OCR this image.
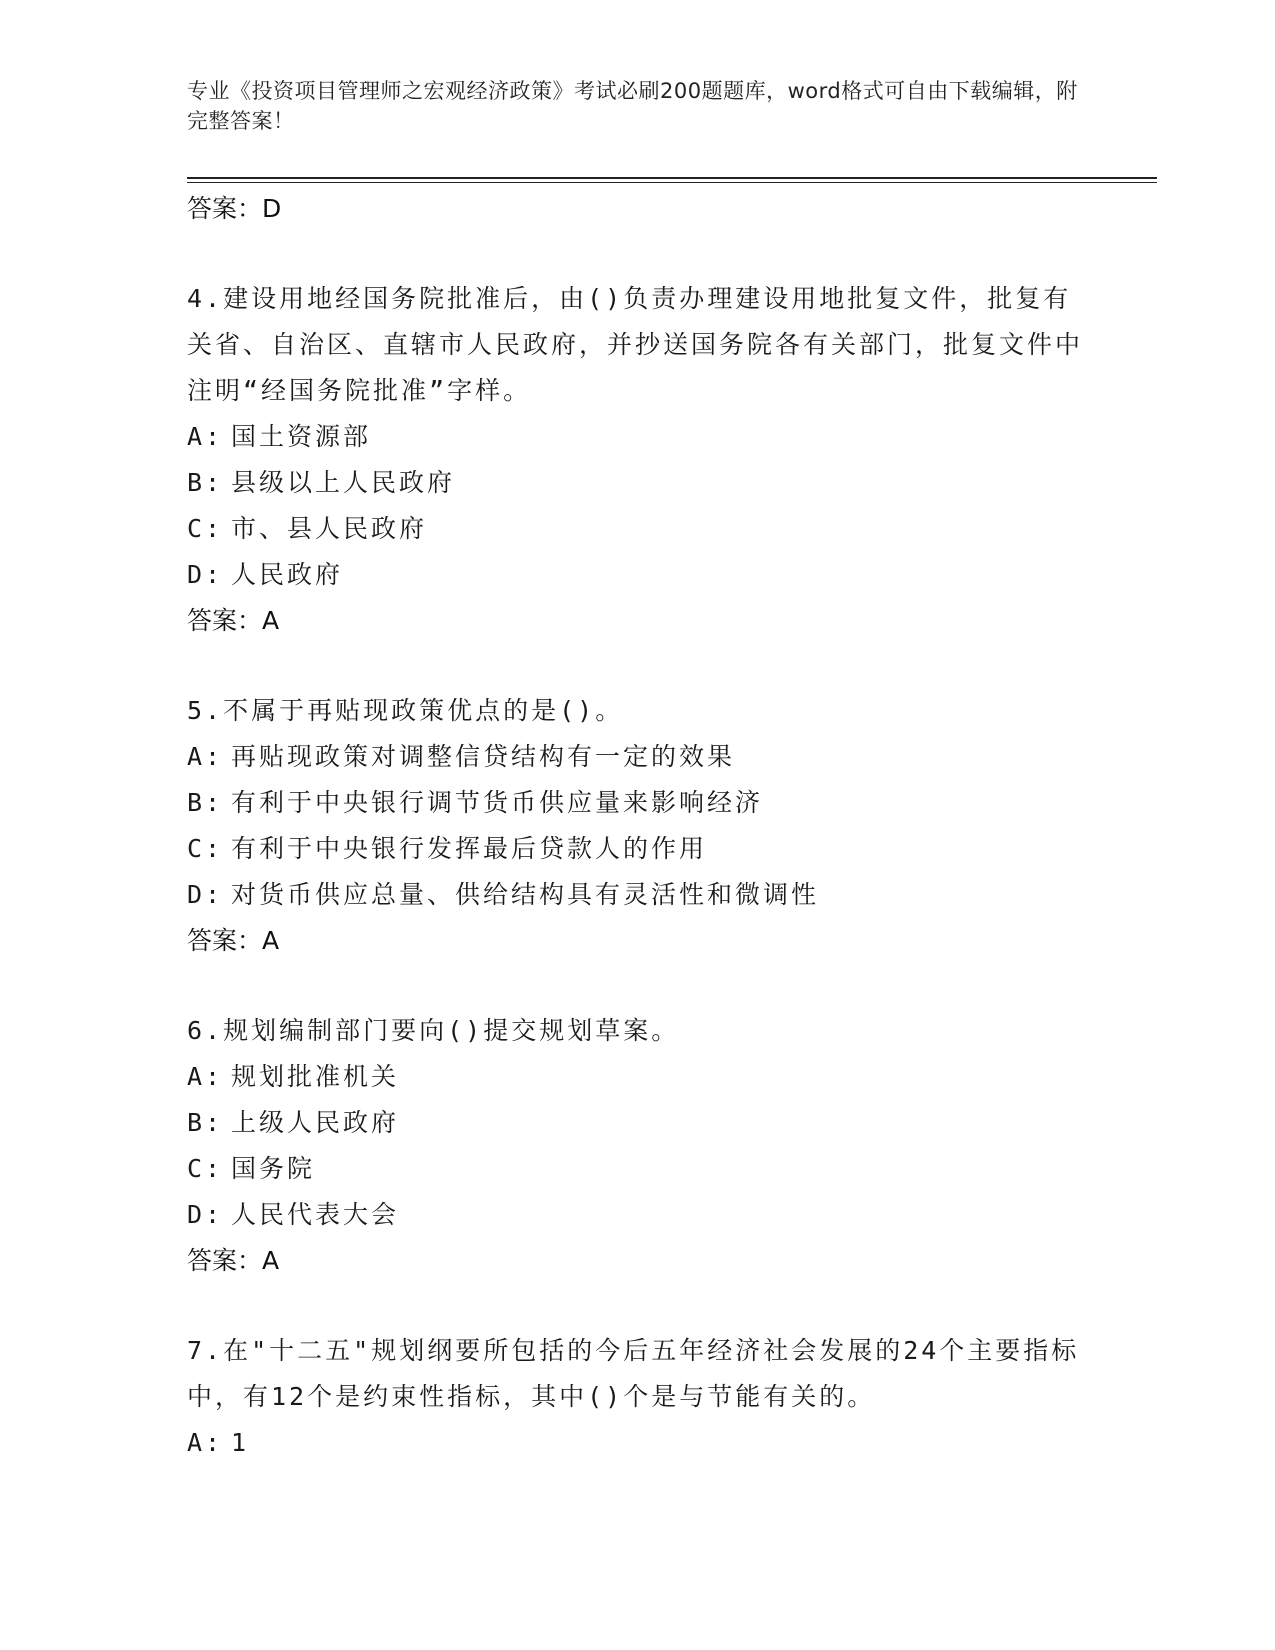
专业《投资项目管理师之宏观经济政策》考试必刷200题题库，word格式可自由下载编辑，附完整答案！
答案：D
4.建设用地经国务院批准后，由()负责办理建设用地批复文件，批复有关省、自治区、直辖市人民政府，并抄送国务院各有关部门，批复文件中注明“经国务院批准”字样。
A: 国土资源部
B: 县级以上人民政府
C: 市、县人民政府
D: 人民政府
答案：A
5.不属于再贴现政策优点的是()。
A: 再贴现政策对调整信贷结构有一定的效果
B: 有利于中央银行调节货币供应量来影响经济
C: 有利于中央银行发挥最后贷款人的作用
D: 对货币供应总量、供给结构具有灵活性和微调性
答案：A
6.规划编制部门要向()提交规划草案。
A: 规划批准机关
B: 上级人民政府
C: 国务院
D: 人民代表大会
答案：A
7.在"十二五"规划纲要所包括的今后五年经济社会发展的24个主要指标中，有12个是约束性指标，其中()个是与节能有关的。
A: 1
